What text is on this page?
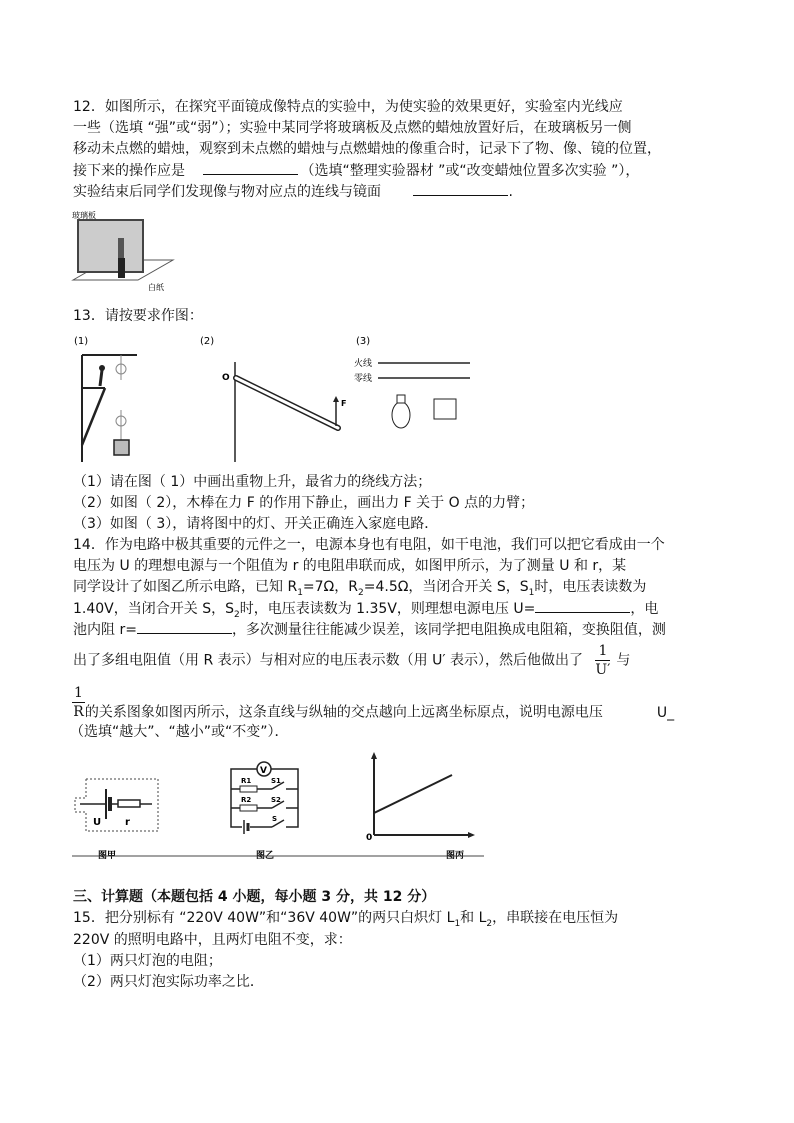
12．如图所示，在探究平面镜成像特点的实验中，为使实验的效果更好，实验室内光线应
一些（选填 “强”或“弱”）；实验中某同学将玻璃板及点燃的蜡烛放置好后，在玻璃板另一侧
移动未点燃的蜡烛，观察到未点燃的蜡烛与点燃蜡烛的像重合时，记录下了物、像、镜的位置，
接下来的操作应是	（选填“整理实验器材 ”或“改变蜡烛位置多次实验 ”），
实验结束后同学们发现像与物对应点的连线与镜面	.
玻璃板
白纸
13．请按要求作图：
(1)	(2)
O
F
(3)
火线
零线
（1）请在图（ 1）中画出重物上升，最省力的绕线方法；
（2）如图（ 2），木棒在力 F 的作用下静止，画出力 F 关于 O 点的力臂；
（3）如图（ 3），请将图中的灯、开关正确连入家庭电路．
14．作为电路中极其重要的元件之一，电源本身也有电阻，如干电池，我们可以把它看成由一个
电压为 U 的理想电源与一个阻值为 r 的电阻串联而成，如图甲所示，为了测量 U 和 r，某
同学设计了如图乙所示电路，已知 $R_1=7\Omega$，$R_2=4.5\Omega$，当闭合开关 S，$S_1$时，电压表读数为
1.40V，当闭合开关 S，$S_2$时，电压表读数为 1.35V，则理想电源电压 U=	，电
池内阻 r=	，多次测量往往能减少误差，该同学把电阻换成电阻箱，变换阻值，测
出了多组电阻值（用 R 表示）与相对应的电压表示数（用 U′ 表示），然后他做出了 $\frac{1}{U'}$ 与
$\frac{1}{R}$的关系图象如图丙所示，这条直线与纵轴的交点越向上远离坐标原点，说明电源电压	U_
（选填“越大”、“越小”或“不变”）．
U r
图甲
V
R1
R2
S1
S2
S
图乙
0
图丙
三、计算题（本题包括 4 小题，每小题 3 分，共 12 分）
15．把分别标有 “220V 40W”和“36V 40W”的两只白炽灯 $L_1$和 $L_2$，串联接在电压恒为
220V 的照明电路中，且两灯电阻不变，求：
（1）两只灯泡的电阻；
（2）两只灯泡实际功率之比．
